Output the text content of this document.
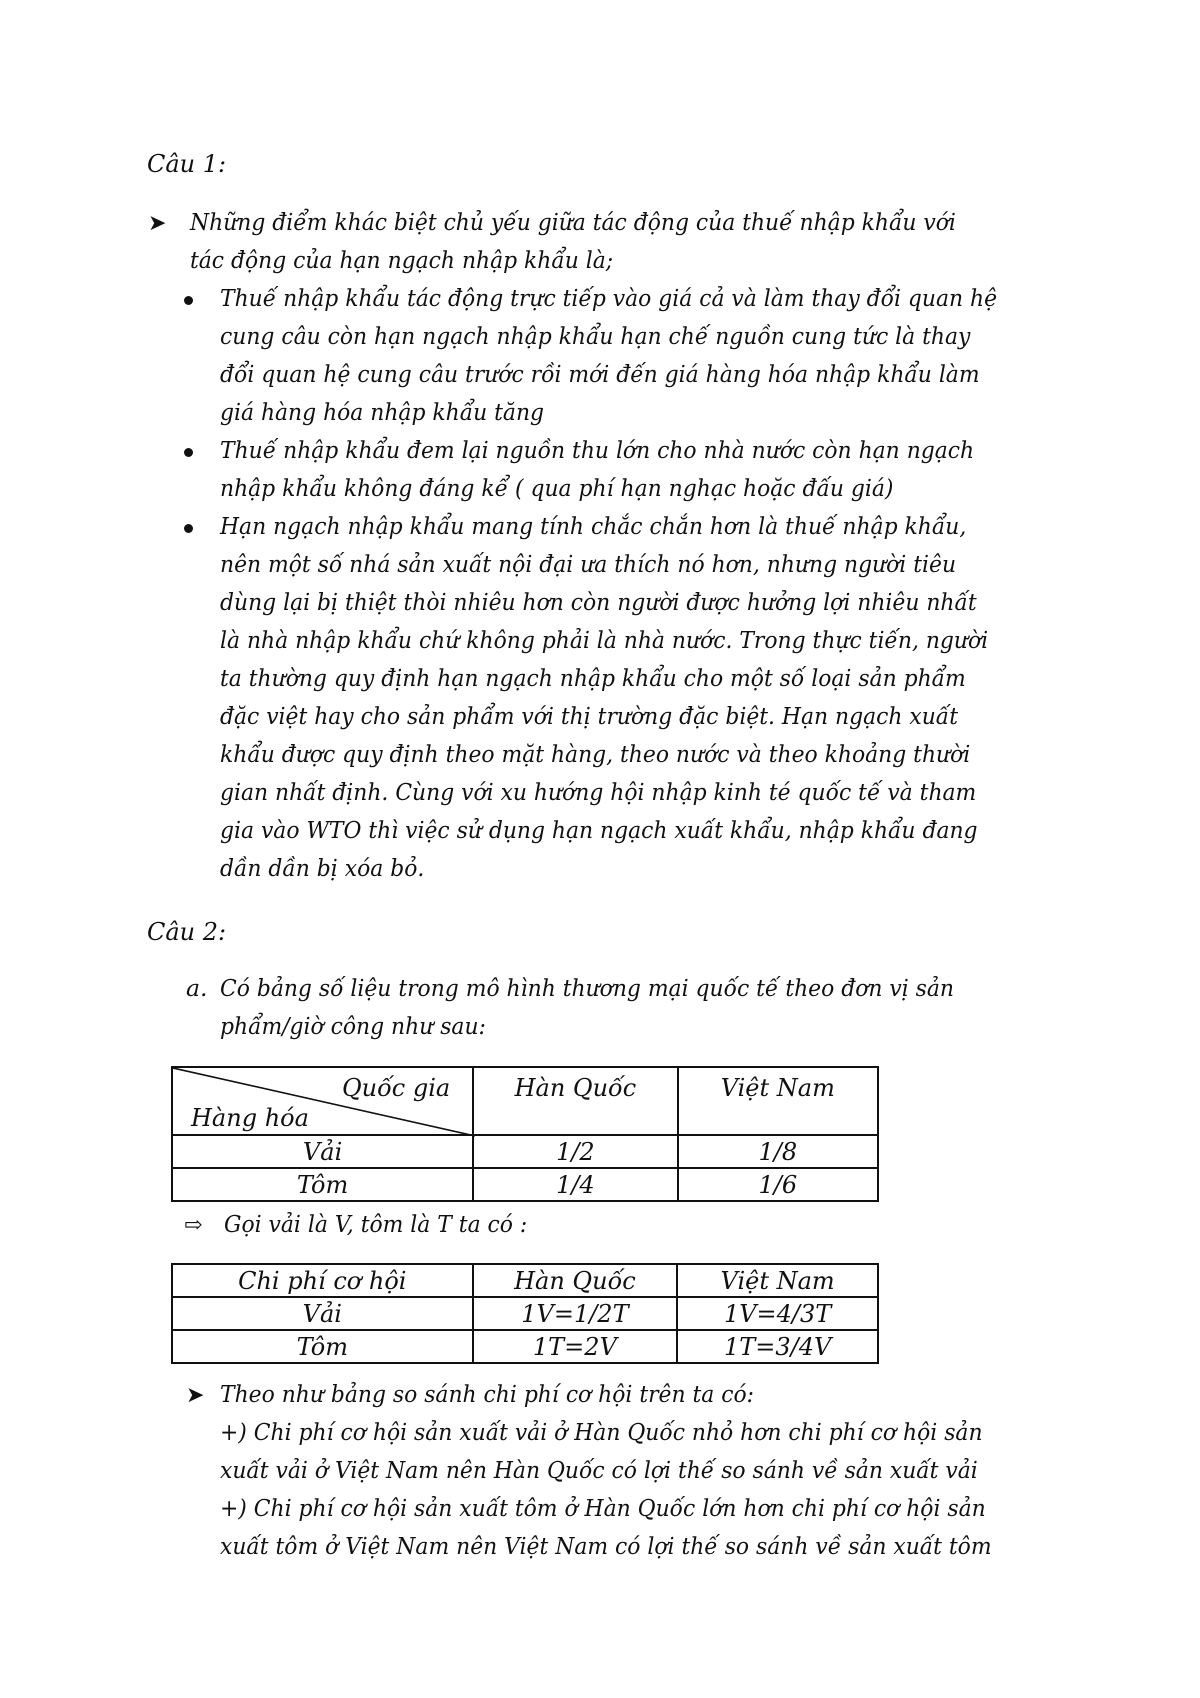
Câu 1:
➤ Những điểm khác biệt chủ yếu giữa tác động của thuế nhập khẩu với
tác động của hạn ngạch nhập khẩu là;
Thuế nhập khẩu tác động trực tiếp vào giá cả và làm thay đổi quan hệ
cung câu còn hạn ngạch nhập khẩu hạn chế nguồn cung tức là thay
đổi quan hệ cung câu trước rồi mới đến giá hàng hóa nhập khẩu làm
giá hàng hóa nhập khẩu tăng
Thuế nhập khẩu đem lại nguồn thu lớn cho nhà nước còn hạn ngạch
nhập khẩu không đáng kể ( qua phí hạn nghạc hoặc đấu giá)
Hạn ngạch nhập khẩu mang tính chắc chắn hơn là thuế nhập khẩu,
nên một số nhá sản xuất nội đại ưa thích nó hơn, nhưng người tiêu
dùng lại bị thiệt thòi nhiêu hơn còn người được hưởng lợi nhiêu nhất
là nhà nhập khẩu chứ không phải là nhà nước. Trong thực tiến, người
ta thường quy định hạn ngạch nhập khẩu cho một số loại sản phẩm
đặc việt hay cho sản phẩm với thị trường đặc biệt. Hạn ngạch xuất
khẩu được quy định theo mặt hàng, theo nước và theo khoảng thười
gian nhất định. Cùng với xu hướng hội nhập kinh té quốc tế và tham
gia vào WTO thì việc sử dụng hạn ngạch xuất khẩu, nhập khẩu đang
dần dần bị xóa bỏ.
Câu 2:
a. Có bảng số liệu trong mô hình thương mại quốc tế theo đơn vị sản
phẩm/giờ công như sau:
Quốc gia
Hàng hóa	Hàn Quốc	Việt Nam
Vải	1/2	1/8
Tôm	1/4	1/6
⇨ Gọi vải là V, tôm là T ta có :
Chi phí cơ hội	Hàn Quốc	Việt Nam
Vải	1V=1/2T	1V=4/3T
Tôm	1T=2V	1T=3/4V
➤ Theo như bảng so sánh chi phí cơ hội trên ta có:
+) Chi phí cơ hội sản xuất vải ở Hàn Quốc nhỏ hơn chi phí cơ hội sản
xuất vải ở Việt Nam nên Hàn Quốc có lợi thế so sánh về sản xuất vải
+) Chi phí cơ hội sản xuất tôm ở Hàn Quốc lớn hơn chi phí cơ hội sản
xuất tôm ở Việt Nam nên Việt Nam có lợi thế so sánh về sản xuất tôm
